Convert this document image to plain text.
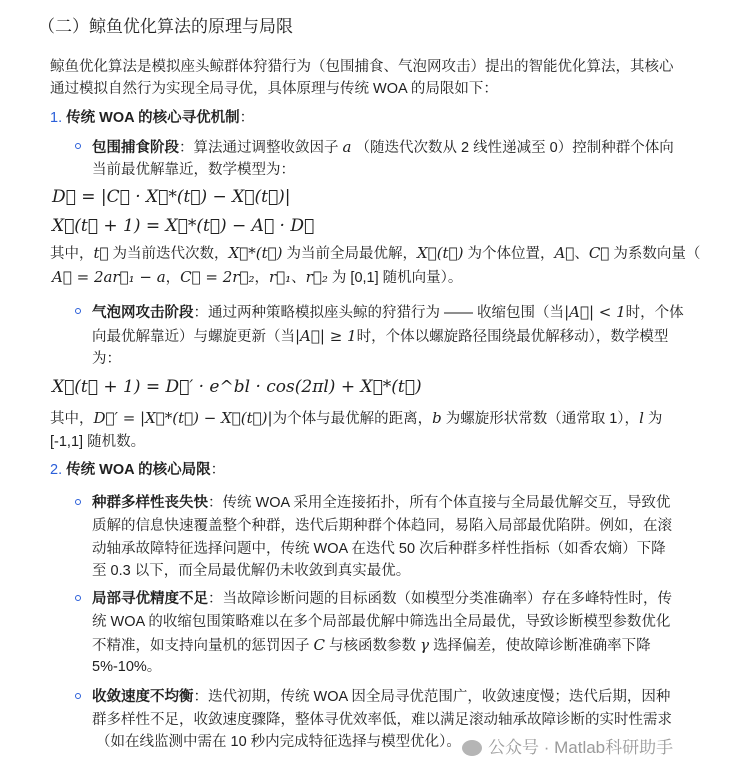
（二）鲸鱼优化算法的原理与局限
鲸鱼优化算法是模拟座头鲸群体狩猎行为（包围捕食、气泡网攻击）提出的智能优化算法，其核心
通过模拟自然行为实现全局寻优，具体原理与传统 WOA 的局限如下：
1. 传统 WOA 的核心寻优机制：
包围捕食阶段：算法通过调整收敛因子 a （随迭代次数从 2 线性递减至 0）控制种群个体向
当前最优解靠近，数学模型为：
D⃗ = |C⃗ · X⃗*(t⃗) − X⃗(t⃗)|
X⃗(t⃗ + 1) = X⃗*(t⃗) − A⃗ · D⃗
其中，t⃗ 为当前迭代次数，X⃗*(t⃗) 为当前全局最优解，X⃗(t⃗) 为个体位置，A⃗、C⃗ 为系数向量（
A⃗ = 2ar⃗₁ − a，C⃗ = 2r⃗₂，r⃗₁、r⃗₂ 为 [0,1] 随机向量）。
气泡网攻击阶段：通过两种策略模拟座头鲸的狩猎行为 —— 收缩包围（当|A⃗| < 1时，个体
向最优解靠近）与螺旋更新（当|A⃗| ≥ 1时，个体以螺旋路径围绕最优解移动），数学模型
为：
X⃗(t⃗ + 1) = D⃗′ · e^bl · cos(2πl) + X⃗*(t⃗)
其中，D⃗′ = |X⃗*(t⃗) − X⃗(t⃗)|为个体与最优解的距离，b 为螺旋形状常数（通常取 1），l 为
[-1,1] 随机数。
2. 传统 WOA 的核心局限：
种群多样性丧失快：传统 WOA 采用全连接拓扑，所有个体直接与全局最优解交互，导致优
质解的信息快速覆盖整个种群，迭代后期种群个体趋同，易陷入局部最优陷阱。例如，在滚
动轴承故障特征选择问题中，传统 WOA 在迭代 50 次后种群多样性指标（如香农熵）下降
至 0.3 以下，而全局最优解仍未收敛到真实最优。
局部寻优精度不足：当故障诊断问题的目标函数（如模型分类准确率）存在多峰特性时，传
统 WOA 的收缩包围策略难以在多个局部最优解中筛选出全局最优，导致诊断模型参数优化
不精准，如支持向量机的惩罚因子 C 与核函数参数 γ 选择偏差，使故障诊断准确率下降
5%-10%。
收敛速度不均衡：迭代初期，传统 WOA 因全局寻优范围广，收敛速度慢；迭代后期，因种
群多样性不足，收敛速度骤降，整体寻优效率低，难以满足滚动轴承故障诊断的实时性需求
（如在线监测中需在 10 秒内完成特征选择与模型优化）。	公众号 · Matlab科研助手
